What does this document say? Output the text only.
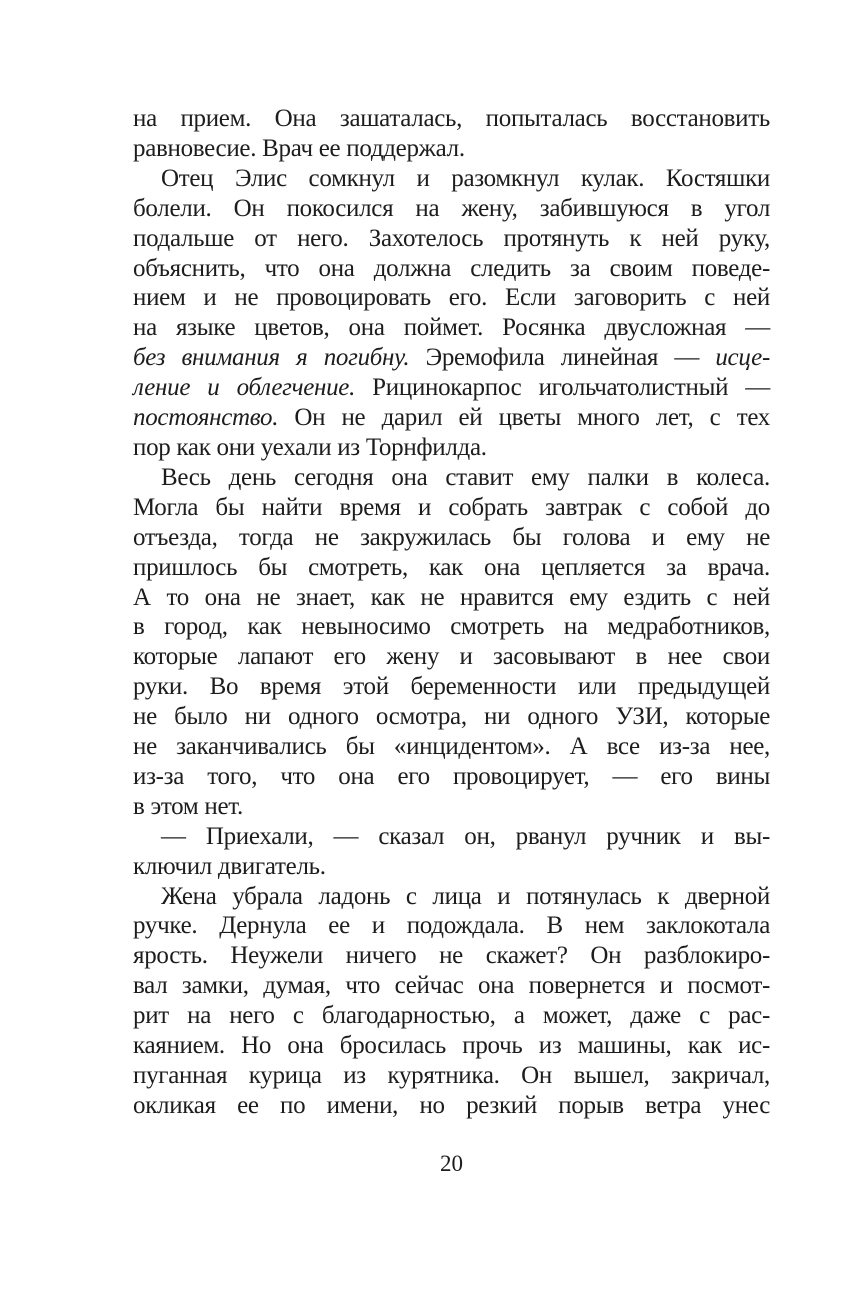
на прием. Она зашаталась, попыталась восстановить
равновесие. Врач ее поддержал.
Отец Элис сомкнул и разомкнул кулак. Костяшки
болели. Он покосился на жену, забившуюся в угол
подальше от него. Захотелось протянуть к ней руку,
объяснить, что она должна следить за своим поведе-
нием и не провоцировать его. Если заговорить с ней
на языке цветов, она поймет. Росянка двусложная —
без внимания я погибну. Эремофила линейная — исце-
ление и облегчение. Рицинокарпос игольчатолистный —
постоянство. Он не дарил ей цветы много лет, с тех
пор как они уехали из Торнфилда.
Весь день сегодня она ставит ему палки в колеса.
Могла бы найти время и собрать завтрак с собой до
отъезда, тогда не закружилась бы голова и ему не
пришлось бы смотреть, как она цепляется за врача.
А то она не знает, как не нравится ему ездить с ней
в город, как невыносимо смотреть на медработников,
которые лапают его жену и засовывают в нее свои
руки. Во время этой беременности или предыдущей
не было ни одного осмотра, ни одного УЗИ, которые
не заканчивались бы «инцидентом». А все из-за нее,
из-за того, что она его провоцирует, — его вины
в этом нет.
— Приехали, — сказал он, рванул ручник и вы-
ключил двигатель.
Жена убрала ладонь с лица и потянулась к дверной
ручке. Дернула ее и подождала. В нем заклокотала
ярость. Неужели ничего не скажет? Он разблокиро-
вал замки, думая, что сейчас она повернется и посмот-
рит на него с благодарностью, а может, даже с рас-
каянием. Но она бросилась прочь из машины, как ис-
пуганная курица из курятника. Он вышел, закричал,
окликая ее по имени, но резкий порыв ветра унес
20
